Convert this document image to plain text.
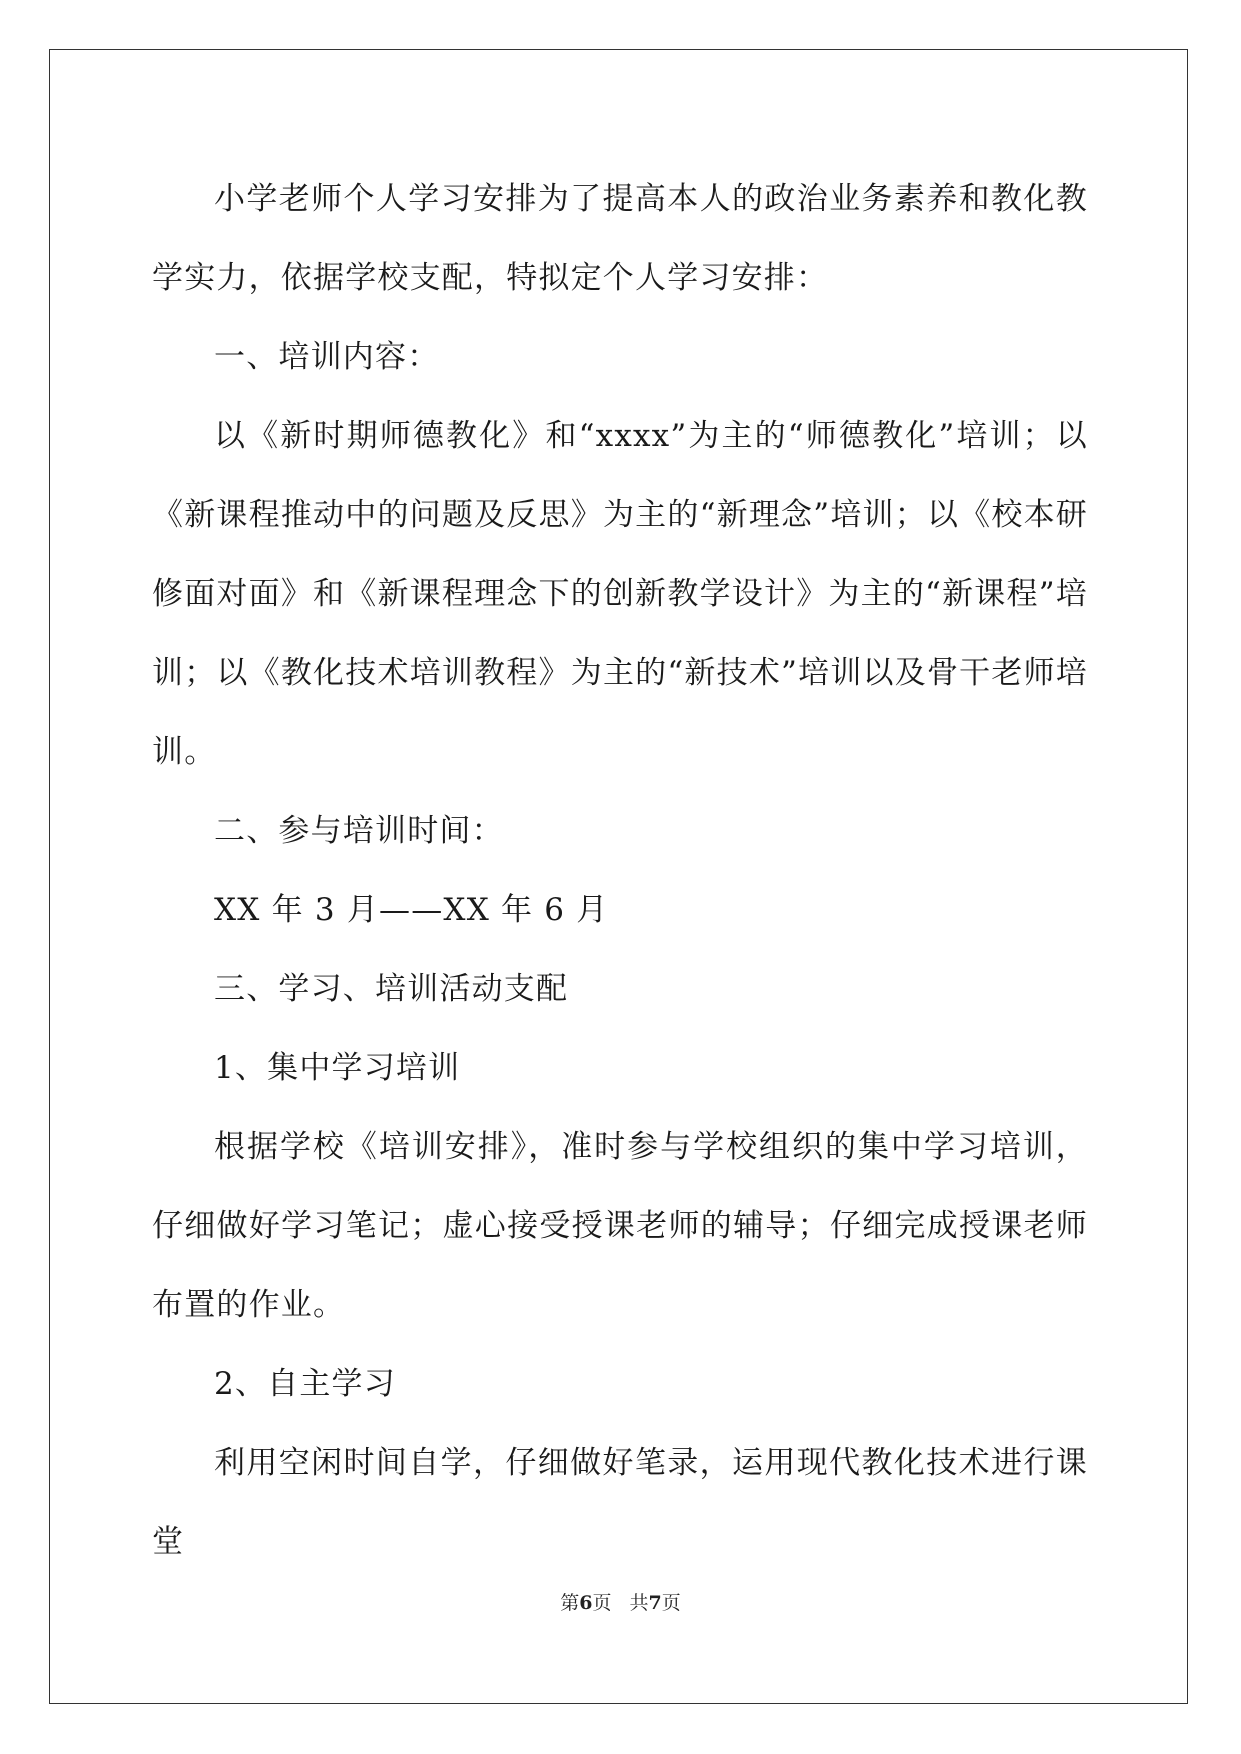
小学老师个人学习安排为了提高本人的政治业务素养和教化教学实力，依据学校支配，特拟定个人学习安排：

一、培训内容：

以《新时期师德教化》和“xxxx”为主的“师德教化”培训；以《新课程推动中的问题及反思》为主的“新理念”培训；以《校本研修面对面》和《新课程理念下的创新教学设计》为主的“新课程”培训；以《教化技术培训教程》为主的“新技术”培训以及骨干老师培训。

二、参与培训时间：

XX 年 3 月——XX 年 6 月

三、学习、培训活动支配

1、集中学习培训

根据学校《培训安排》，准时参与学校组织的集中学习培训，仔细做好学习笔记；虚心接受授课老师的辅导；仔细完成授课老师布置的作业。

2、自主学习

利用空闲时间自学，仔细做好笔录，运用现代教化技术进行课堂

第6页 共7页
